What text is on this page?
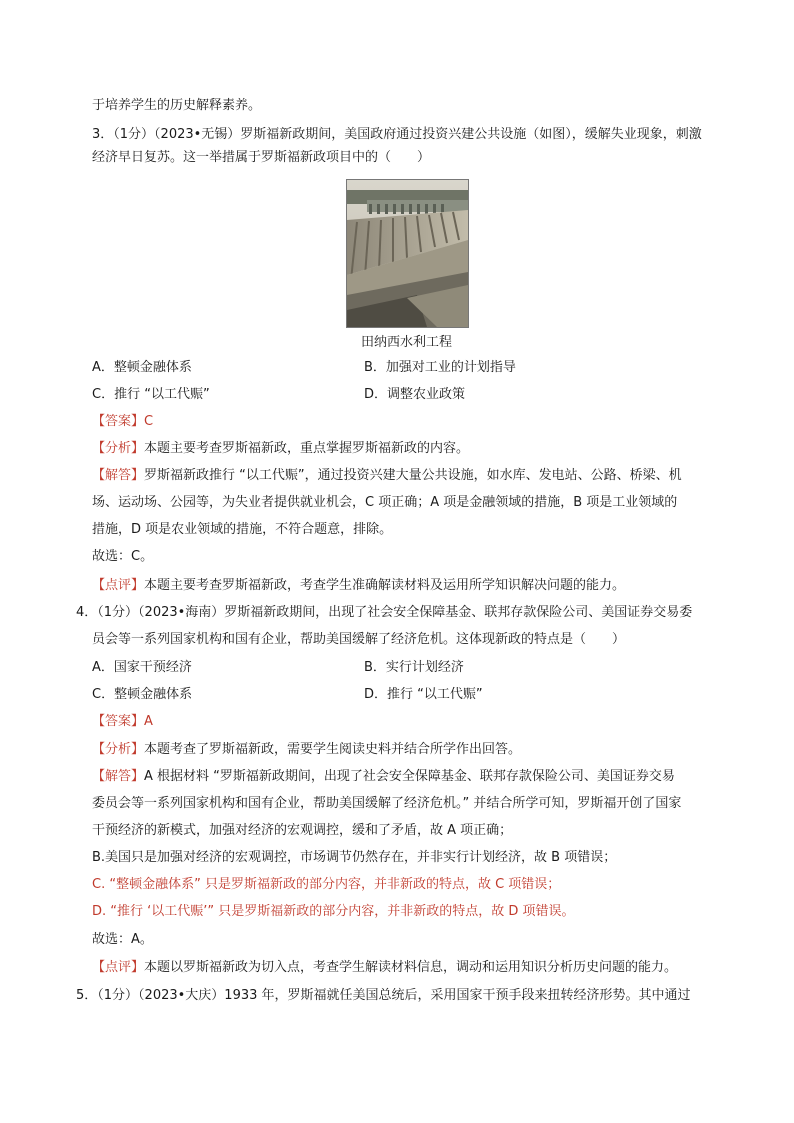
于培养学生的历史解释素养。
3．（1分）（2023•无锡）罗斯福新政期间，美国政府通过投资兴建公共设施（如图），缓解失业现象，刺激
经济早日复苏。这一举措属于罗斯福新政项目中的（　　）
田纳西水利工程
A．整顿金融体系	B．加强对工业的计划指导
C．推行 “以工代赈”	D．调整农业政策
【答案】C
【分析】本题主要考查罗斯福新政，重点掌握罗斯福新政的内容。
【解答】罗斯福新政推行 “以工代赈”，通过投资兴建大量公共设施，如水库、发电站、公路、桥梁、机
场、运动场、公园等，为失业者提供就业机会，C 项正确；A 项是金融领域的措施，B 项是工业领域的
措施，D 项是农业领域的措施，不符合题意，排除。
故选：C。
【点评】本题主要考查罗斯福新政，考查学生准确解读材料及运用所学知识解决问题的能力。
4．（1分）（2023•海南）罗斯福新政期间，出现了社会安全保障基金、联邦存款保险公司、美国证券交易委
员会等一系列国家机构和国有企业，帮助美国缓解了经济危机。这体现新政的特点是（　　）
A．国家干预经济	B．实行计划经济
C．整顿金融体系	D．推行 “以工代赈”
【答案】A
【分析】本题考查了罗斯福新政，需要学生阅读史料并结合所学作出回答。
【解答】A 根据材料 “罗斯福新政期间，出现了社会安全保障基金、联邦存款保险公司、美国证券交易
委员会等一系列国家机构和国有企业，帮助美国缓解了经济危机。” 并结合所学可知，罗斯福开创了国家
干预经济的新模式，加强对经济的宏观调控，缓和了矛盾，故 A 项正确；
B.美国只是加强对经济的宏观调控，市场调节仍然存在，并非实行计划经济，故 B 项错误；
C. “整顿金融体系” 只是罗斯福新政的部分内容，并非新政的特点，故 C 项错误；
D. “推行 ‘以工代赈’” 只是罗斯福新政的部分内容，并非新政的特点，故 D 项错误。
故选：A。
【点评】本题以罗斯福新政为切入点，考查学生解读材料信息，调动和运用知识分析历史问题的能力。
5．（1分）（2023•大庆）1933 年，罗斯福就任美国总统后，采用国家干预手段来扭转经济形势。其中通过
